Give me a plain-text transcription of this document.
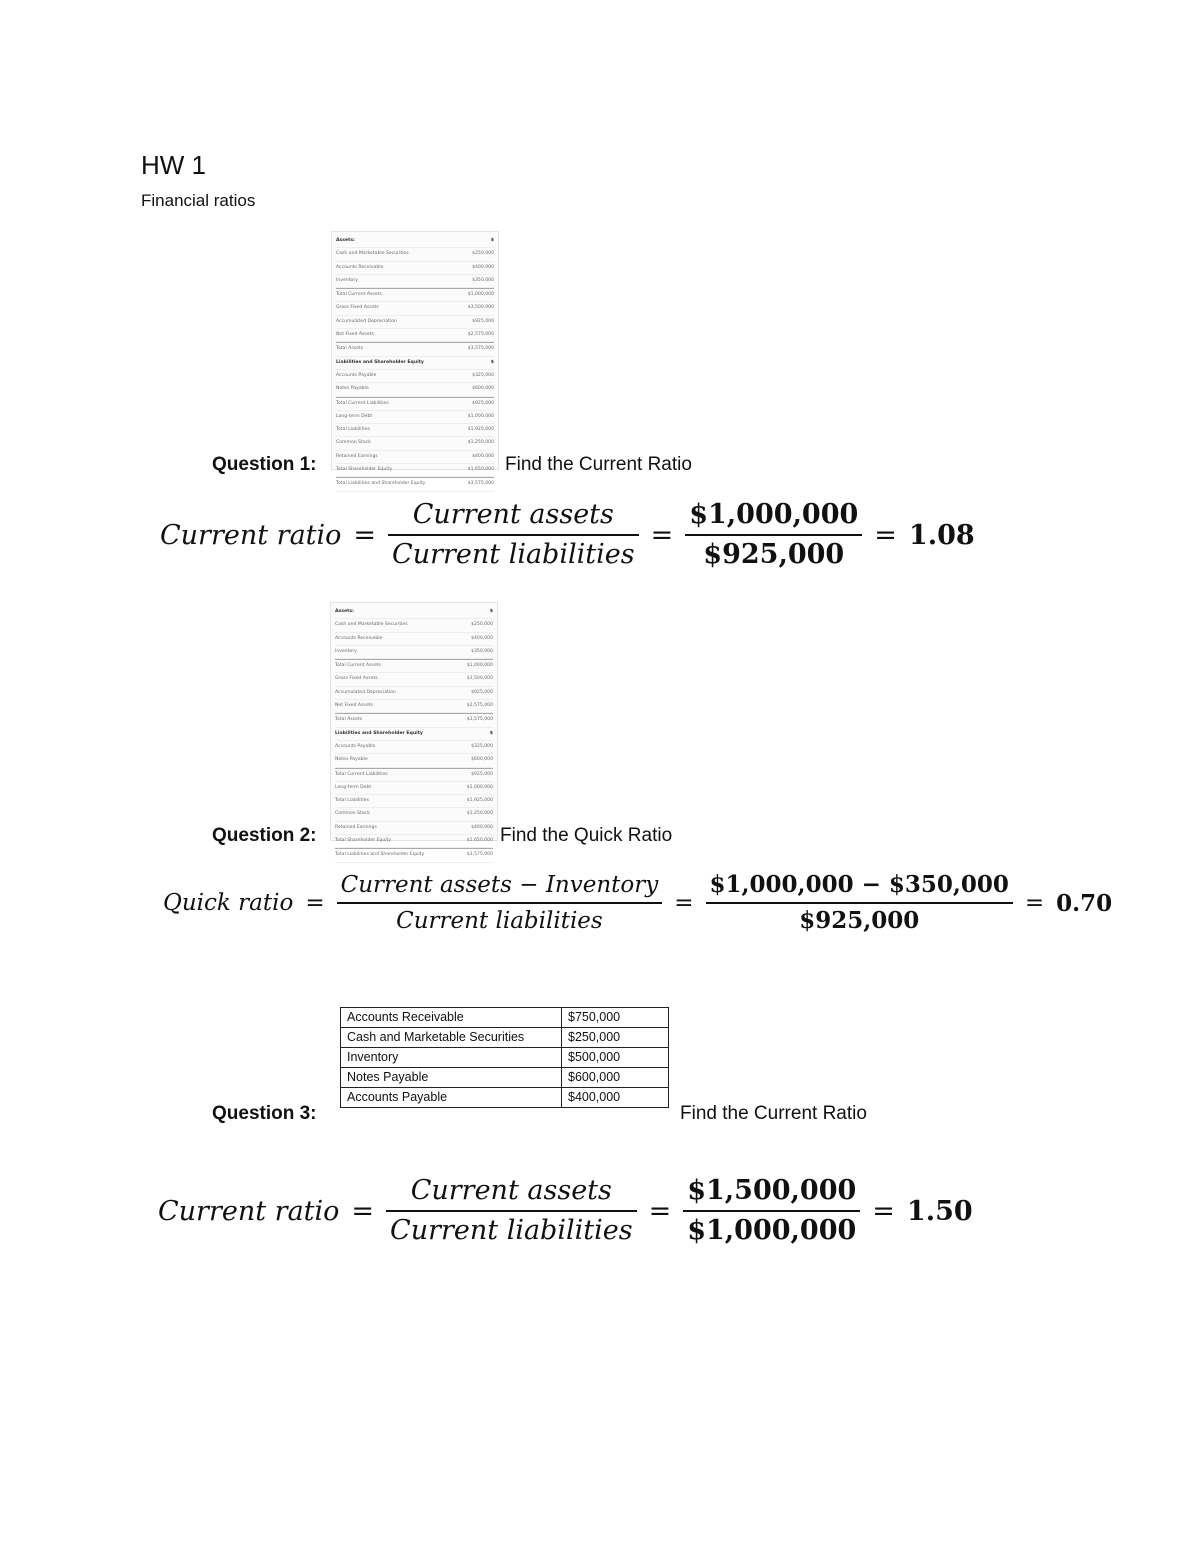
HW 1
Financial ratios
Assets:	$
Cash and Marketable Securities	$250,000
Accounts Receivable	$400,000
Inventory	$350,000
Total Current Assets	$1,000,000
Gross Fixed Assets	$3,500,000
Accumulated Depreciation	$925,000
Net Fixed Assets	$2,575,000
Total Assets	$3,575,000
Liabilities and Shareholder Equity	$
Accounts Payable	$325,000
Notes Payable	$600,000
Total Current Liabilities	$925,000
Long-term Debt	$1,000,000
Total Liabilities	$1,925,000
Common Stock	$1,250,000
Retained Earnings	$400,000
Total Shareholder Equity	$1,650,000
Total Liabilities and Shareholder Equity	$3,575,000
Question 1:	Find the Current Ratio
Current ratio = $\frac{\text{Current assets}}{\text{Current liabilities}} = \frac{\$1,000,000}{\$925,000} = 1.08$
Assets:	$
Cash and Marketable Securities	$250,000
Accounts Receivable	$400,000
Inventory	$350,000
Total Current Assets	$1,000,000
Gross Fixed Assets	$3,500,000
Accumulated Depreciation	$925,000
Net Fixed Assets	$2,575,000
Total Assets	$3,575,000
Liabilities and Shareholder Equity	$
Accounts Payable	$325,000
Notes Payable	$600,000
Total Current Liabilities	$925,000
Long-term Debt	$1,000,000
Total Liabilities	$1,925,000
Common Stock	$1,250,000
Retained Earnings	$400,000
Total Shareholder Equity	$1,650,000
Total Liabilities and Shareholder Equity	$3,575,000
Question 2:	Find the Quick Ratio
Quick ratio = $\frac{\text{Current assets − Inventory}}{\text{Current liabilities}} = \frac{\$1,000,000 - \$350,000}{\$925,000} = 0.70$
Accounts Receivable	$750,000
Cash and Marketable Securities	$250,000
Inventory	$500,000
Notes Payable	$600,000
Accounts Payable	$400,000
Question 3:	Find the Current Ratio
Current ratio = $\frac{\text{Current assets}}{\text{Current liabilities}} = \frac{\$1,500,000}{\$1,000,000} = 1.50$
